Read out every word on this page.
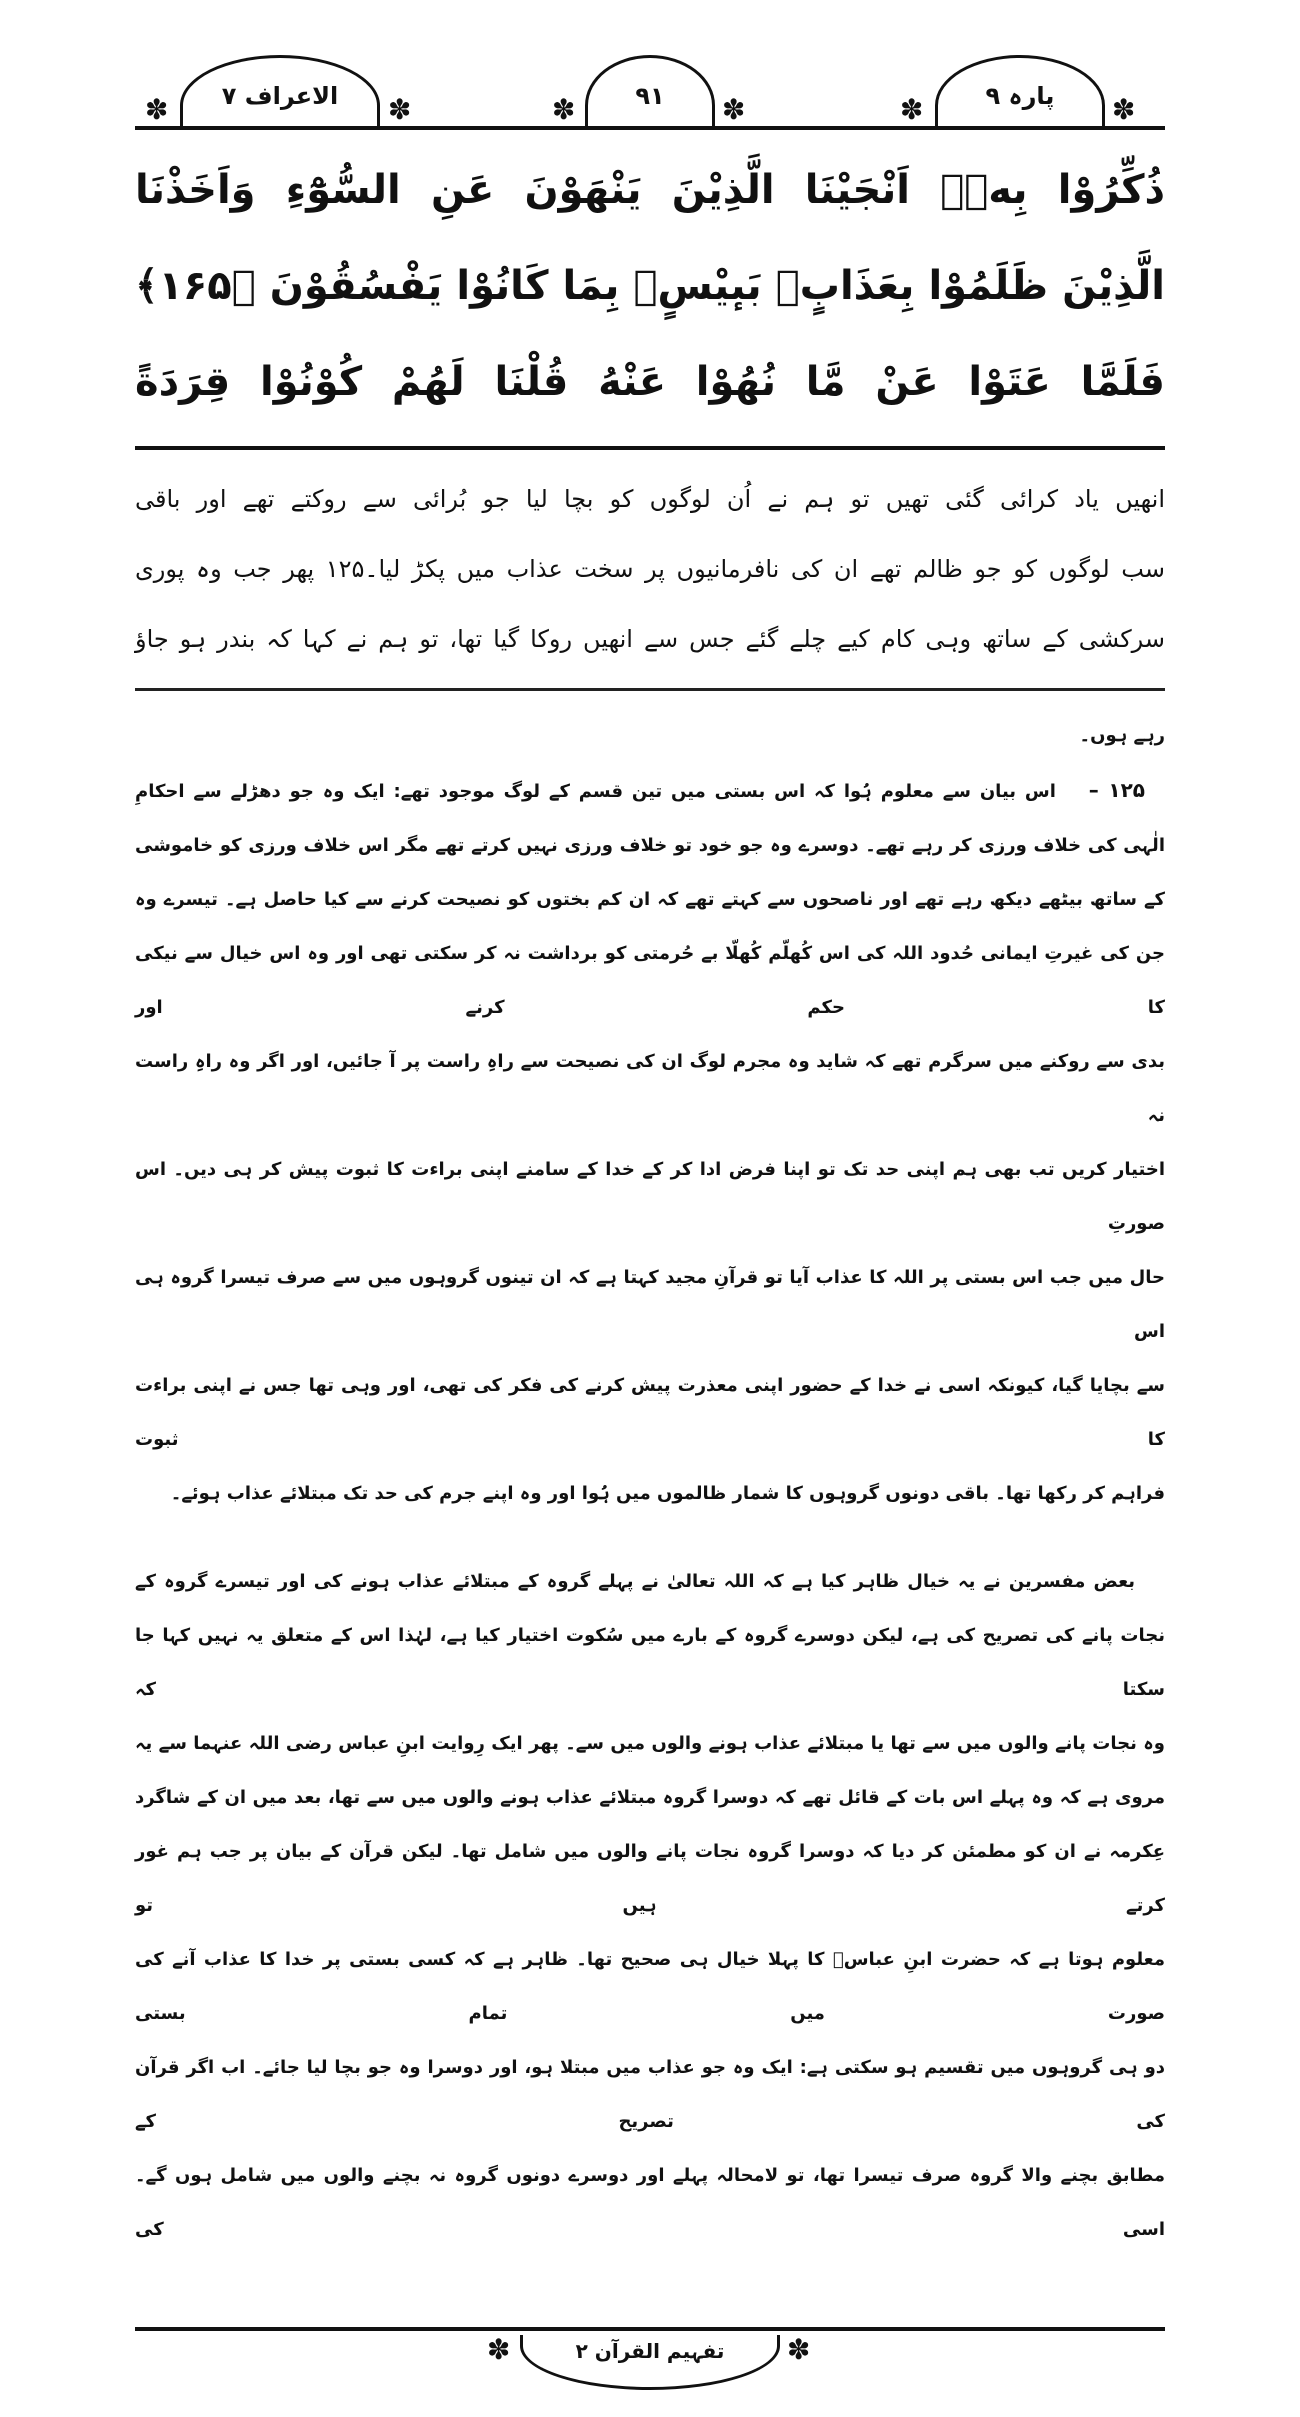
الاعراف ۷
✽	✽	۹۱
✽	✽	پارہ ۹
✽	✽
ذُكِّرُوْا بِهٖۤ اَنْجَیْنَا الَّذِیْنَ یَنْهَوْنَ عَنِ السُّوْٓءِ وَاَخَذْنَا
الَّذِیْنَ ظَلَمُوْا بِعَذَابٍۭ بَىٕیْسٍۭ بِمَا كَانُوْا یَفْسُقُوْنَ ﴿۱۶۵﴾
فَلَمَّا عَتَوْا عَنْ مَّا نُهُوْا عَنْهُ قُلْنَا لَهُمْ كُوْنُوْا قِرَدَةً
انھیں یاد کرائی گئی تھیں تو ہم نے اُن لوگوں کو بچا لیا جو بُرائی سے روکتے تھے اور باقی
سب لوگوں کو جو ظالم تھے ان کی نافرمانیوں پر سخت عذاب میں پکڑ لیا۔۱۲۵ پھر جب وہ پوری
سرکشی کے ساتھ وہی کام کیے چلے گئے جس سے انھیں روکا گیا تھا، تو ہم نے کہا کہ بندر ہو جاؤ
رہے ہوں۔
۱۲۵ – اس بیان سے معلوم ہُوا کہ اس بستی میں تین قسم کے لوگ موجود تھے: ایک وہ جو دھڑلے سے احکامِ
الٰہی کی خلاف ورزی کر رہے تھے۔ دوسرے وہ جو خود تو خلاف ورزی نہیں کرتے تھے مگر اس خلاف ورزی کو خاموشی
کے ساتھ بیٹھے دیکھ رہے تھے اور ناصحوں سے کہتے تھے کہ ان کم بختوں کو نصیحت کرنے سے کیا حاصل ہے۔ تیسرے وہ
جن کی غیرتِ ایمانی حُدود اللہ کی اس کُھلّم کُھلّا بے حُرمتی کو برداشت نہ کر سکتی تھی اور وہ اس خیال سے نیکی کا حکم کرنے اور
بدی سے روکنے میں سرگرم تھے کہ شاید وہ مجرم لوگ ان کی نصیحت سے راہِ راست پر آ جائیں، اور اگر وہ راہِ راست نہ
اختیار کریں تب بھی ہم اپنی حد تک تو اپنا فرض ادا کر کے خدا کے سامنے اپنی براءت کا ثبوت پیش کر ہی دیں۔ اس صورتِ
حال میں جب اس بستی پر اللہ کا عذاب آیا تو قرآنِ مجید کہتا ہے کہ ان تینوں گروہوں میں سے صرف تیسرا گروہ ہی اس
سے بچایا گیا، کیونکہ اسی نے خدا کے حضور اپنی معذرت پیش کرنے کی فکر کی تھی، اور وہی تھا جس نے اپنی براءت کا ثبوت
فراہم کر رکھا تھا۔ باقی دونوں گروہوں کا شمار ظالموں میں ہُوا اور وہ اپنے جرم کی حد تک مبتلائے عذاب ہوئے۔
بعض مفسرین نے یہ خیال ظاہر کیا ہے کہ اللہ تعالیٰ نے پہلے گروہ کے مبتلائے عذاب ہونے کی اور تیسرے گروہ کے
نجات پانے کی تصریح کی ہے، لیکن دوسرے گروہ کے بارے میں سُکوت اختیار کیا ہے، لہٰذا اس کے متعلق یہ نہیں کہا جا سکتا کہ
وہ نجات پانے والوں میں سے تھا یا مبتلائے عذاب ہونے والوں میں سے۔ پھر ایک رِوایت ابنِ عباس رضی اللہ عنہما سے یہ
مروی ہے کہ وہ پہلے اس بات کے قائل تھے کہ دوسرا گروہ مبتلائے عذاب ہونے والوں میں سے تھا، بعد میں ان کے شاگرد
عِکرمہ نے ان کو مطمئن کر دیا کہ دوسرا گروہ نجات پانے والوں میں شامل تھا۔ لیکن قرآن کے بیان پر جب ہم غور کرتے ہیں تو
معلوم ہوتا ہے کہ حضرت ابنِ عباسؓ کا پہلا خیال ہی صحیح تھا۔ ظاہر ہے کہ کسی بستی پر خدا کا عذاب آنے کی صورت میں تمام بستی
دو ہی گروہوں میں تقسیم ہو سکتی ہے: ایک وہ جو عذاب میں مبتلا ہو، اور دوسرا وہ جو بچا لیا جائے۔ اب اگر قرآن کی تصریح کے
مطابق بچنے والا گروہ صرف تیسرا تھا، تو لامحالہ پہلے اور دوسرے دونوں گروہ نہ بچنے والوں میں شامل ہوں گے۔ اسی کی
✽	✽
تفہیم القرآن ۲
